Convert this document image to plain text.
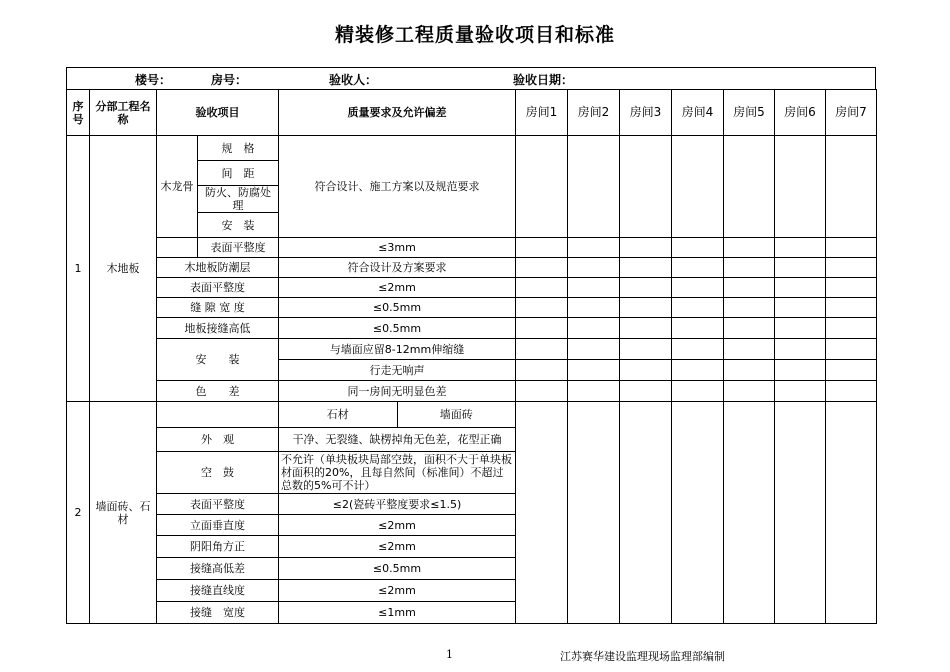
精装修工程质量验收项目和标准
楼号：	房号：	验收人：	验收日期：
序号	分部工程名称	验收项目		质量要求及允许偏差	房间1	房间2	房间3	房间4	房间5	房间6	房间7
1	木地板	木龙骨	规　格	符合设计、施工方案以及规范要求							
			间　距								
			防火、防腐处理								
			安　装								
			表面平整度	≤3mm							
		木地板防潮层		符合设计及方案要求							
		表面平整度		≤2mm							
		缝 隙 宽 度		≤0.5mm							
		地板接缝高低		≤0.5mm							
		安　　装		与墙面应留8-12mm伸缩缝							
				行走无响声							
		色　　差		同一房间无明显色差							
2	墙面砖、石材			石材 墙面砖							

		外　观		干净、无裂缝、缺楞掉角无色差，花型正确							
		空　鼓		不允许（单块板块局部空鼓，面积不大于单块板材面积的20%，且每自然间（标准间）不超过总数的5%可不计）							
		表面平整度		≤2(瓷砖平整度要求≤1.5)							
		立面垂直度		≤2mm							
		阴阳角方正		≤2mm							
		接缝高低差		≤0.5mm							
		接缝直线度		≤2mm							
		接缝　宽度		≤1mm							
1	江苏赛华建设监理现场监理部编制
